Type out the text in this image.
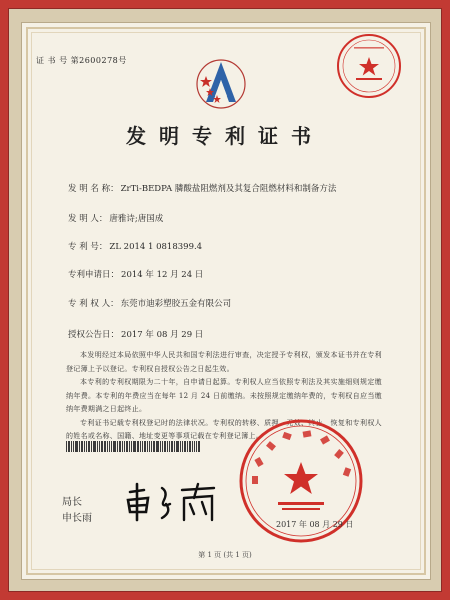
证 书 号 第2600278号
发明专利证书
发 明 名 称： ZrTi-BEDPA 膦酸盐阻燃剂及其复合阻燃材料和制备方法
发 明 人： 唐雅诗;唐国成
专 利 号： ZL 2014 1 0818399.4
专利申请日： 2014 年 12 月 24 日
专 利 权 人： 东莞市迪彩塑胶五金有限公司
授权公告日： 2017 年 08 月 29 日

本发明经过本局依照中华人民共和国专利法进行审查，决定授予专利权，颁发本证书并在专利登记簿上予以登记。专利权自授权公告之日起生效。

本专利的专利权期限为二十年，自申请日起算。专利权人应当依照专利法及其实施细则规定缴纳年费。本专利的年费应当在每年 12 月 24 日前缴纳。未按照规定缴纳年费的，专利权自应当缴纳年费期满之日起终止。

专利证书记载专利权登记时的法律状况。专利权的转移、质押、无效、终止、恢复和专利权人的姓名或名称、国籍、地址变更等事项记载在专利登记簿上。

局长
申长雨
2017 年 08 月 29 日
第 1 页 (共 1 页)
